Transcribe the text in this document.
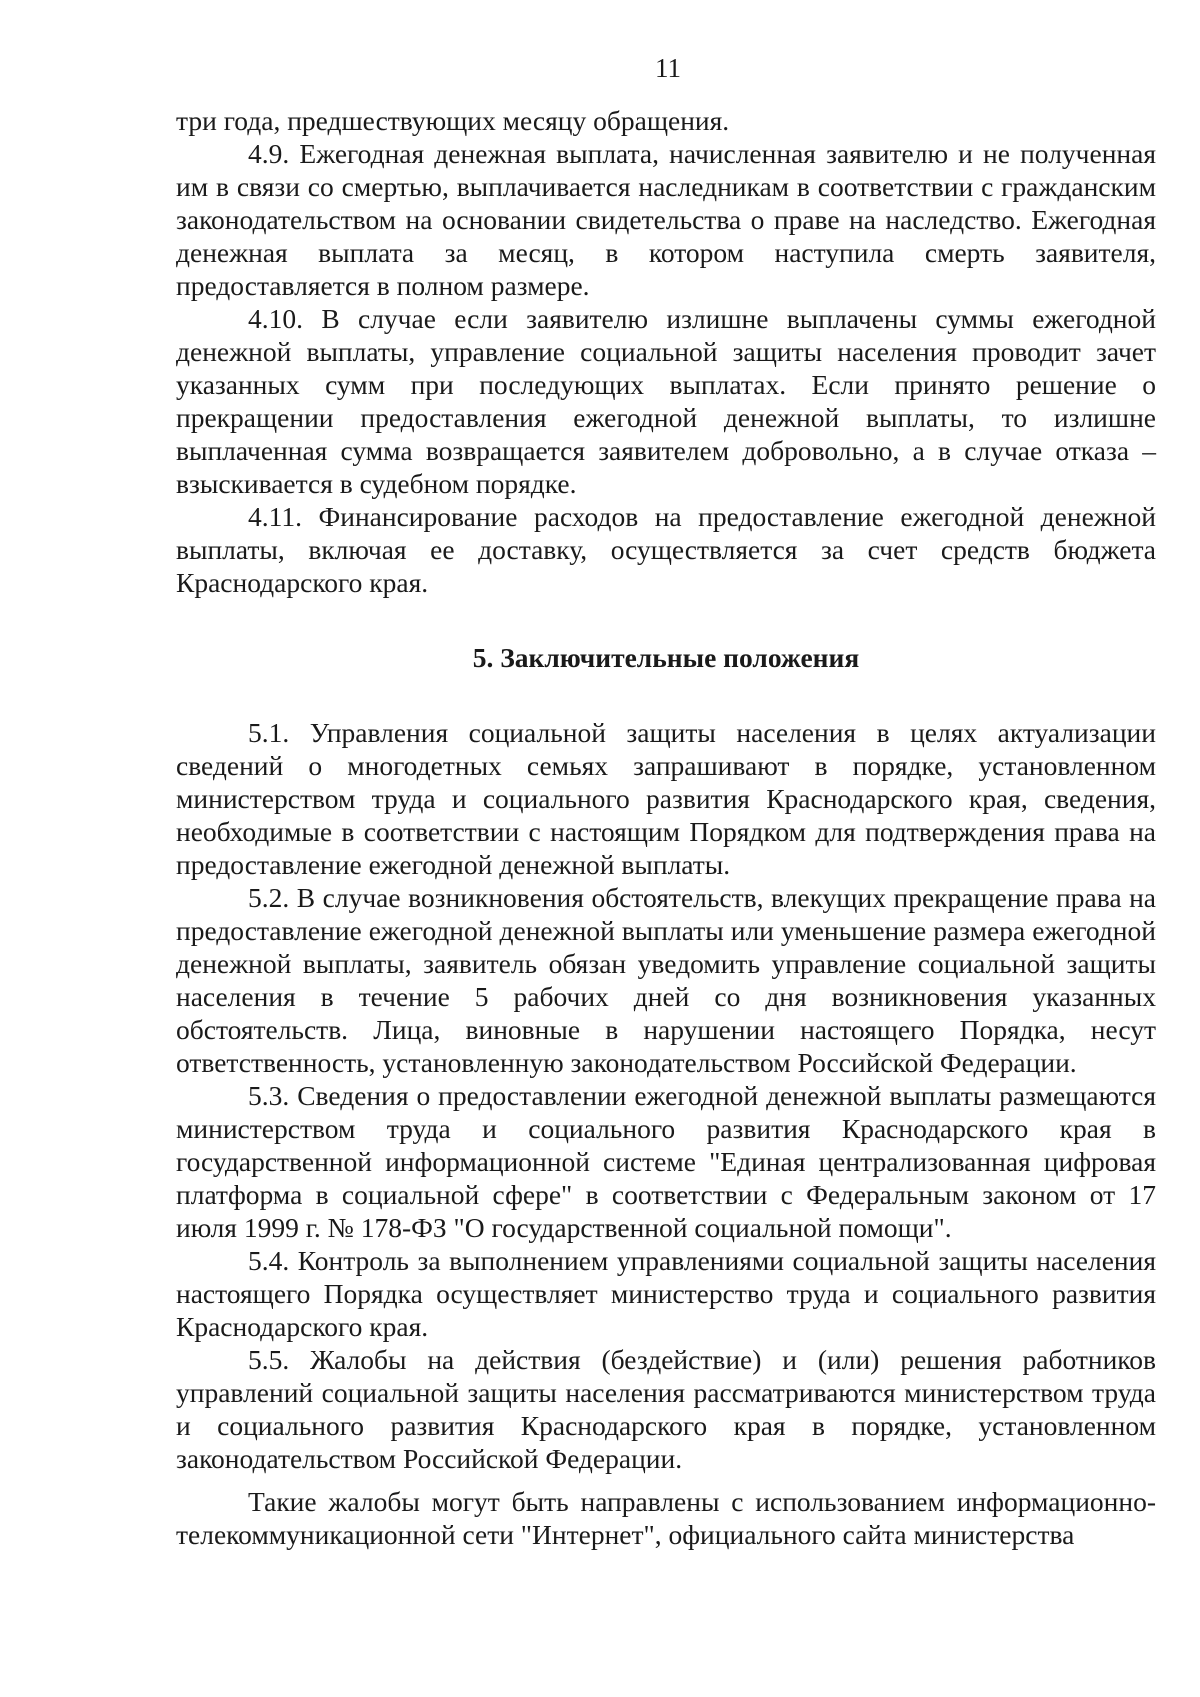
11

три года, предшествующих месяцу обращения.

4.9. Ежегодная денежная выплата, начисленная заявителю и не полученная им в связи со смертью, выплачивается наследникам в соответствии с гражданским законодательством на основании свидетельства о праве на наследство. Ежегодная денежная выплата за месяц, в котором наступила смерть заявителя, предоставляется в полном размере.

4.10. В случае если заявителю излишне выплачены суммы ежегодной денежной выплаты, управление социальной защиты населения проводит зачет указанных сумм при последующих выплатах. Если принято решение о прекращении предоставления ежегодной денежной выплаты, то излишне выплаченная сумма возвращается заявителем добровольно, а в случае отказа – взыскивается в судебном порядке.

4.11. Финансирование расходов на предоставление ежегодной денежной выплаты, включая ее доставку, осуществляется за счет средств бюджета Краснодарского края.

5. Заключительные положения

5.1. Управления социальной защиты населения в целях актуализации сведений о многодетных семьях запрашивают в порядке, установленном министерством труда и социального развития Краснодарского края, сведения, необходимые в соответствии с настоящим Порядком для подтверждения права на предоставление ежегодной денежной выплаты.

5.2. В случае возникновения обстоятельств, влекущих прекращение права на предоставление ежегодной денежной выплаты или уменьшение размера ежегодной денежной выплаты, заявитель обязан уведомить управление социальной защиты населения в течение 5 рабочих дней со дня возникновения указанных обстоятельств. Лица, виновные в нарушении настоящего Порядка, несут ответственность, установленную законодательством Российской Федерации.

5.3. Сведения о предоставлении ежегодной денежной выплаты размещаются министерством труда и социального развития Краснодарского края в государственной информационной системе "Единая централизованная цифровая платформа в социальной сфере" в соответствии с Федеральным законом от 17 июля 1999 г. № 178-ФЗ "О государственной социальной помощи".

5.4. Контроль за выполнением управлениями социальной защиты населения настоящего Порядка осуществляет министерство труда и социального развития Краснодарского края.

5.5. Жалобы на действия (бездействие) и (или) решения работников управлений социальной защиты населения рассматриваются министерством труда и социального развития Краснодарского края в порядке, установленном законодательством Российской Федерации.

Такие жалобы могут быть направлены с использованием информационно-телекоммуникационной сети "Интернет", официального сайта министерства
